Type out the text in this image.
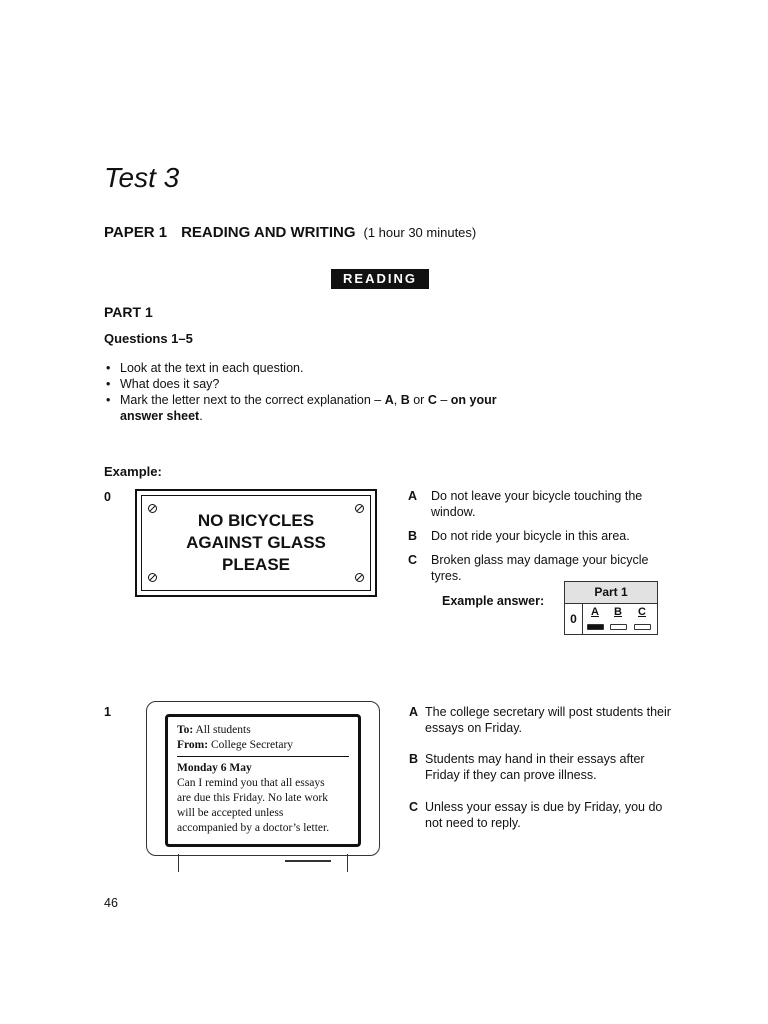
Test 3
PAPER 1 READING AND WRITING (1 hour 30 minutes)
READING
PART 1
Questions 1–5
• Look at the text in each question.
• What does it say?
• Mark the letter next to the correct explanation – A, B or C – on your answer sheet.
Example:
0
NO BICYCLES
AGAINST GLASS
PLEASE
A Do not leave your bicycle touching the window.
B Do not ride your bicycle in this area.
C Broken glass may damage your bicycle tyres.
Example answer:
Part 1
0	A	B	C
1
To: All students
From: College Secretary
Monday 6 May
Can I remind you that all essays
are due this Friday. No late work
will be accepted unless
accompanied by a doctor’s letter.
A The college secretary will post students their essays on Friday.
B Students may hand in their essays after Friday if they can prove illness.
C Unless your essay is due by Friday, you do not need to reply.
46
